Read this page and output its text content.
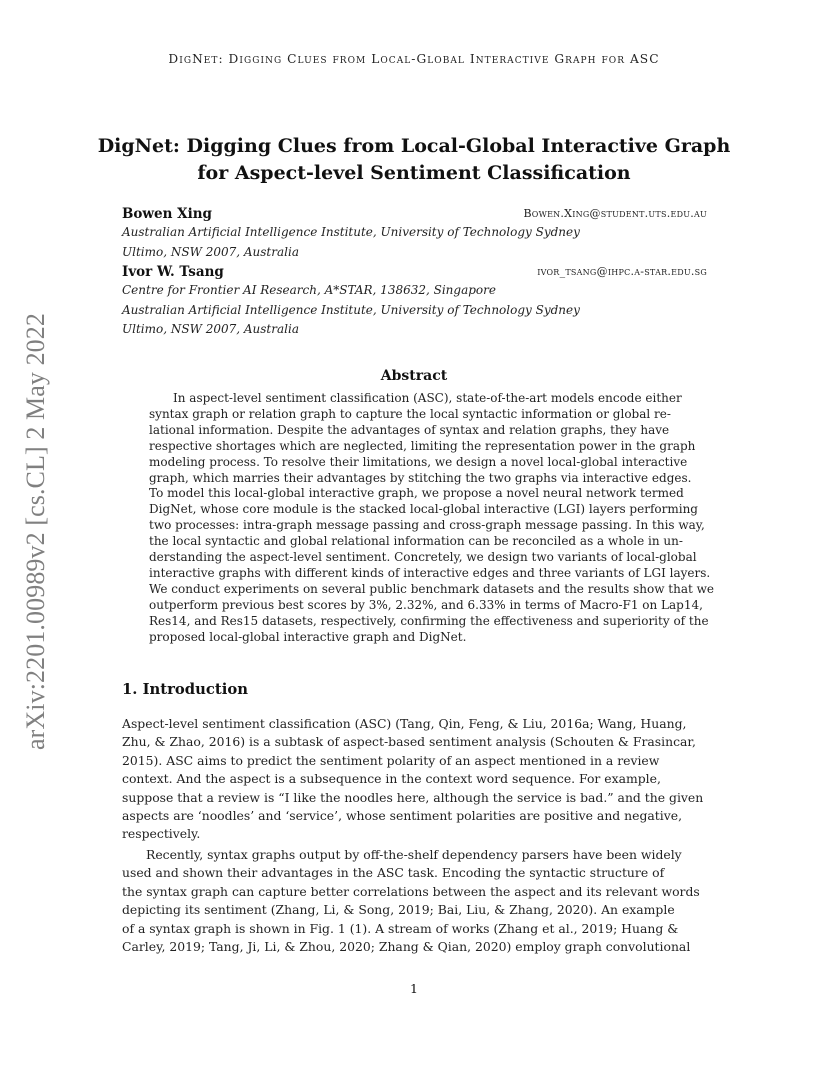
arXiv:2201.00989v2 [cs.CL] 2 May 2022
DigNet: Digging Clues from Local-Global Interactive Graph for ASC
DigNet: Digging Clues from Local-Global Interactive Graph
for Aspect-level Sentiment Classification
Bowen Xing	Bowen.Xing@student.uts.edu.au
Australian Artificial Intelligence Institute, University of Technology Sydney
Ultimo, NSW 2007, Australia
Ivor W. Tsang	ivor_tsang@ihpc.a-star.edu.sg
Centre for Frontier AI Research, A*STAR, 138632, Singapore
Australian Artificial Intelligence Institute, University of Technology Sydney
Ultimo, NSW 2007, Australia
Abstract
In aspect-level sentiment classification (ASC), state-of-the-art models encode either
syntax graph or relation graph to capture the local syntactic information or global re-
lational information. Despite the advantages of syntax and relation graphs, they have
respective shortages which are neglected, limiting the representation power in the graph
modeling process. To resolve their limitations, we design a novel local-global interactive
graph, which marries their advantages by stitching the two graphs via interactive edges.
To model this local-global interactive graph, we propose a novel neural network termed
DigNet, whose core module is the stacked local-global interactive (LGI) layers performing
two processes: intra-graph message passing and cross-graph message passing. In this way,
the local syntactic and global relational information can be reconciled as a whole in un-
derstanding the aspect-level sentiment. Concretely, we design two variants of local-global
interactive graphs with different kinds of interactive edges and three variants of LGI layers.
We conduct experiments on several public benchmark datasets and the results show that we
outperform previous best scores by 3%, 2.32%, and 6.33% in terms of Macro-F1 on Lap14,
Res14, and Res15 datasets, respectively, confirming the effectiveness and superiority of the
proposed local-global interactive graph and DigNet.
1. Introduction
Aspect-level sentiment classification (ASC) (Tang, Qin, Feng, & Liu, 2016a; Wang, Huang,
Zhu, & Zhao, 2016) is a subtask of aspect-based sentiment analysis (Schouten & Frasincar,
2015). ASC aims to predict the sentiment polarity of an aspect mentioned in a review
context. And the aspect is a subsequence in the context word sequence. For example,
suppose that a review is “I like the noodles here, although the service is bad.” and the given
aspects are ‘noodles’ and ‘service’, whose sentiment polarities are positive and negative,
respectively.
Recently, syntax graphs output by off-the-shelf dependency parsers have been widely
used and shown their advantages in the ASC task. Encoding the syntactic structure of
the syntax graph can capture better correlations between the aspect and its relevant words
depicting its sentiment (Zhang, Li, & Song, 2019; Bai, Liu, & Zhang, 2020). An example
of a syntax graph is shown in Fig. 1 (1). A stream of works (Zhang et al., 2019; Huang &
Carley, 2019; Tang, Ji, Li, & Zhou, 2020; Zhang & Qian, 2020) employ graph convolutional
1
